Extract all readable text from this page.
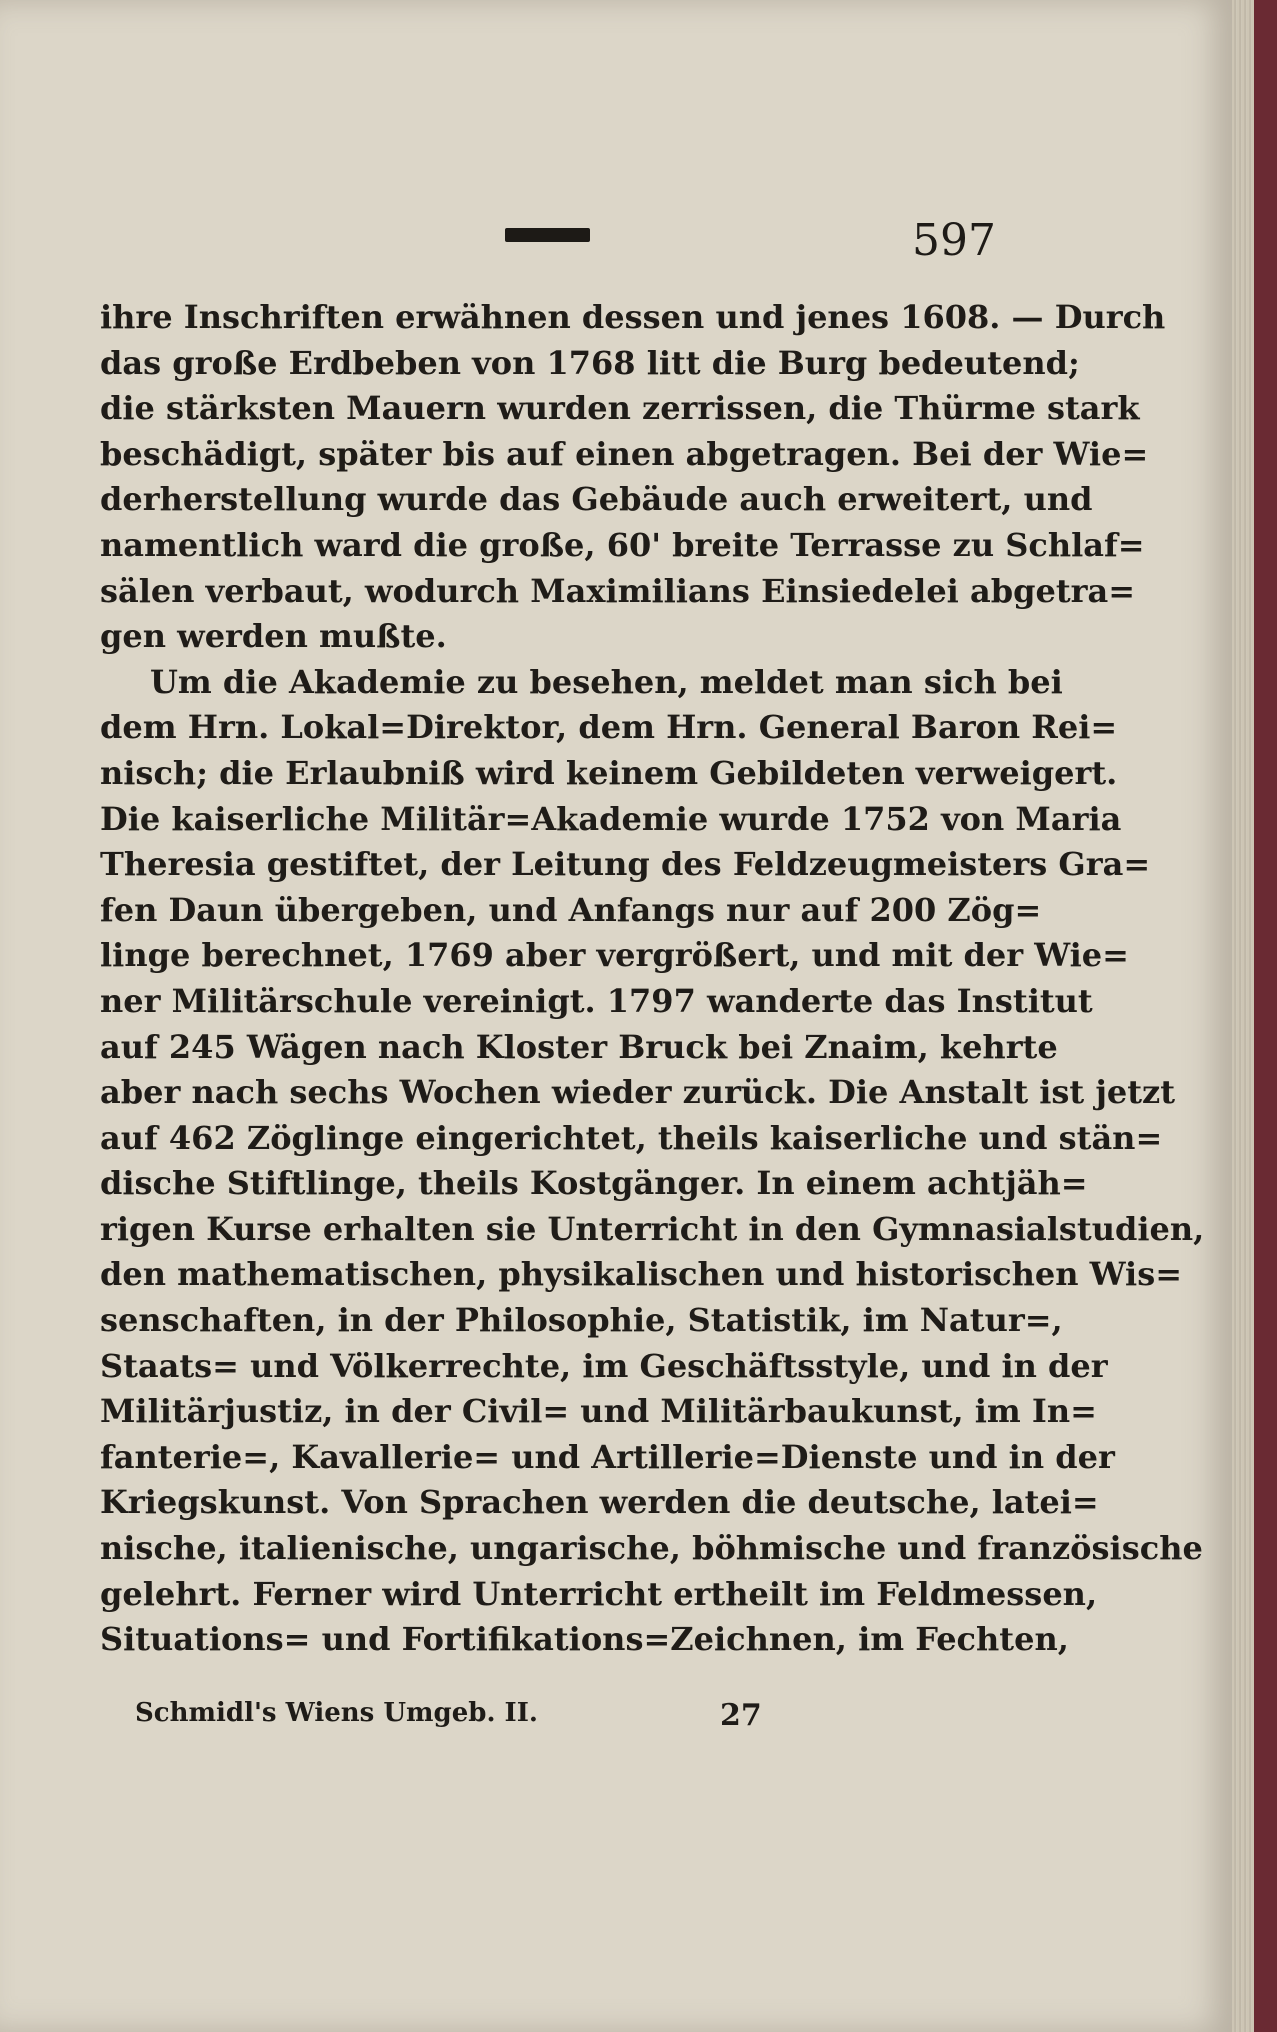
597
ihre Inschriften erwähnen dessen und jenes 1608. — Durch
das große Erdbeben von 1768 litt die Burg bedeutend;
die stärksten Mauern wurden zerrissen, die Thürme stark
beschädigt, später bis auf einen abgetragen. Bei der Wie=
derherstellung wurde das Gebäude auch erweitert, und
namentlich ward die große, 60' breite Terrasse zu Schlaf=
sälen verbaut, wodurch Maximilians Einsiedelei abgetra=
gen werden mußte.
Um die Akademie zu besehen, meldet man sich bei
dem Hrn. Lokal=Direktor, dem Hrn. General Baron Rei=
nisch; die Erlaubniß wird keinem Gebildeten verweigert.
Die kaiserliche Militär=Akademie wurde 1752 von Maria
Theresia gestiftet, der Leitung des Feldzeugmeisters Gra=
fen Daun übergeben, und Anfangs nur auf 200 Zög=
linge berechnet, 1769 aber vergrößert, und mit der Wie=
ner Militärschule vereinigt. 1797 wanderte das Institut
auf 245 Wägen nach Kloster Bruck bei Znaim, kehrte
aber nach sechs Wochen wieder zurück. Die Anstalt ist jetzt
auf 462 Zöglinge eingerichtet, theils kaiserliche und stän=
dische Stiftlinge, theils Kostgänger. In einem achtjäh=
rigen Kurse erhalten sie Unterricht in den Gymnasialstudien,
den mathematischen, physikalischen und historischen Wis=
senschaften, in der Philosophie, Statistik, im Natur=,
Staats= und Völkerrechte, im Geschäftsstyle, und in der
Militärjustiz, in der Civil= und Militärbaukunst, im In=
fanterie=, Kavallerie= und Artillerie=Dienste und in der
Kriegskunst. Von Sprachen werden die deutsche, latei=
nische, italienische, ungarische, böhmische und französische
gelehrt. Ferner wird Unterricht ertheilt im Feldmessen,
Situations= und Fortifikations=Zeichnen, im Fechten,
Schmidl's Wiens Umgeb. II.	27
